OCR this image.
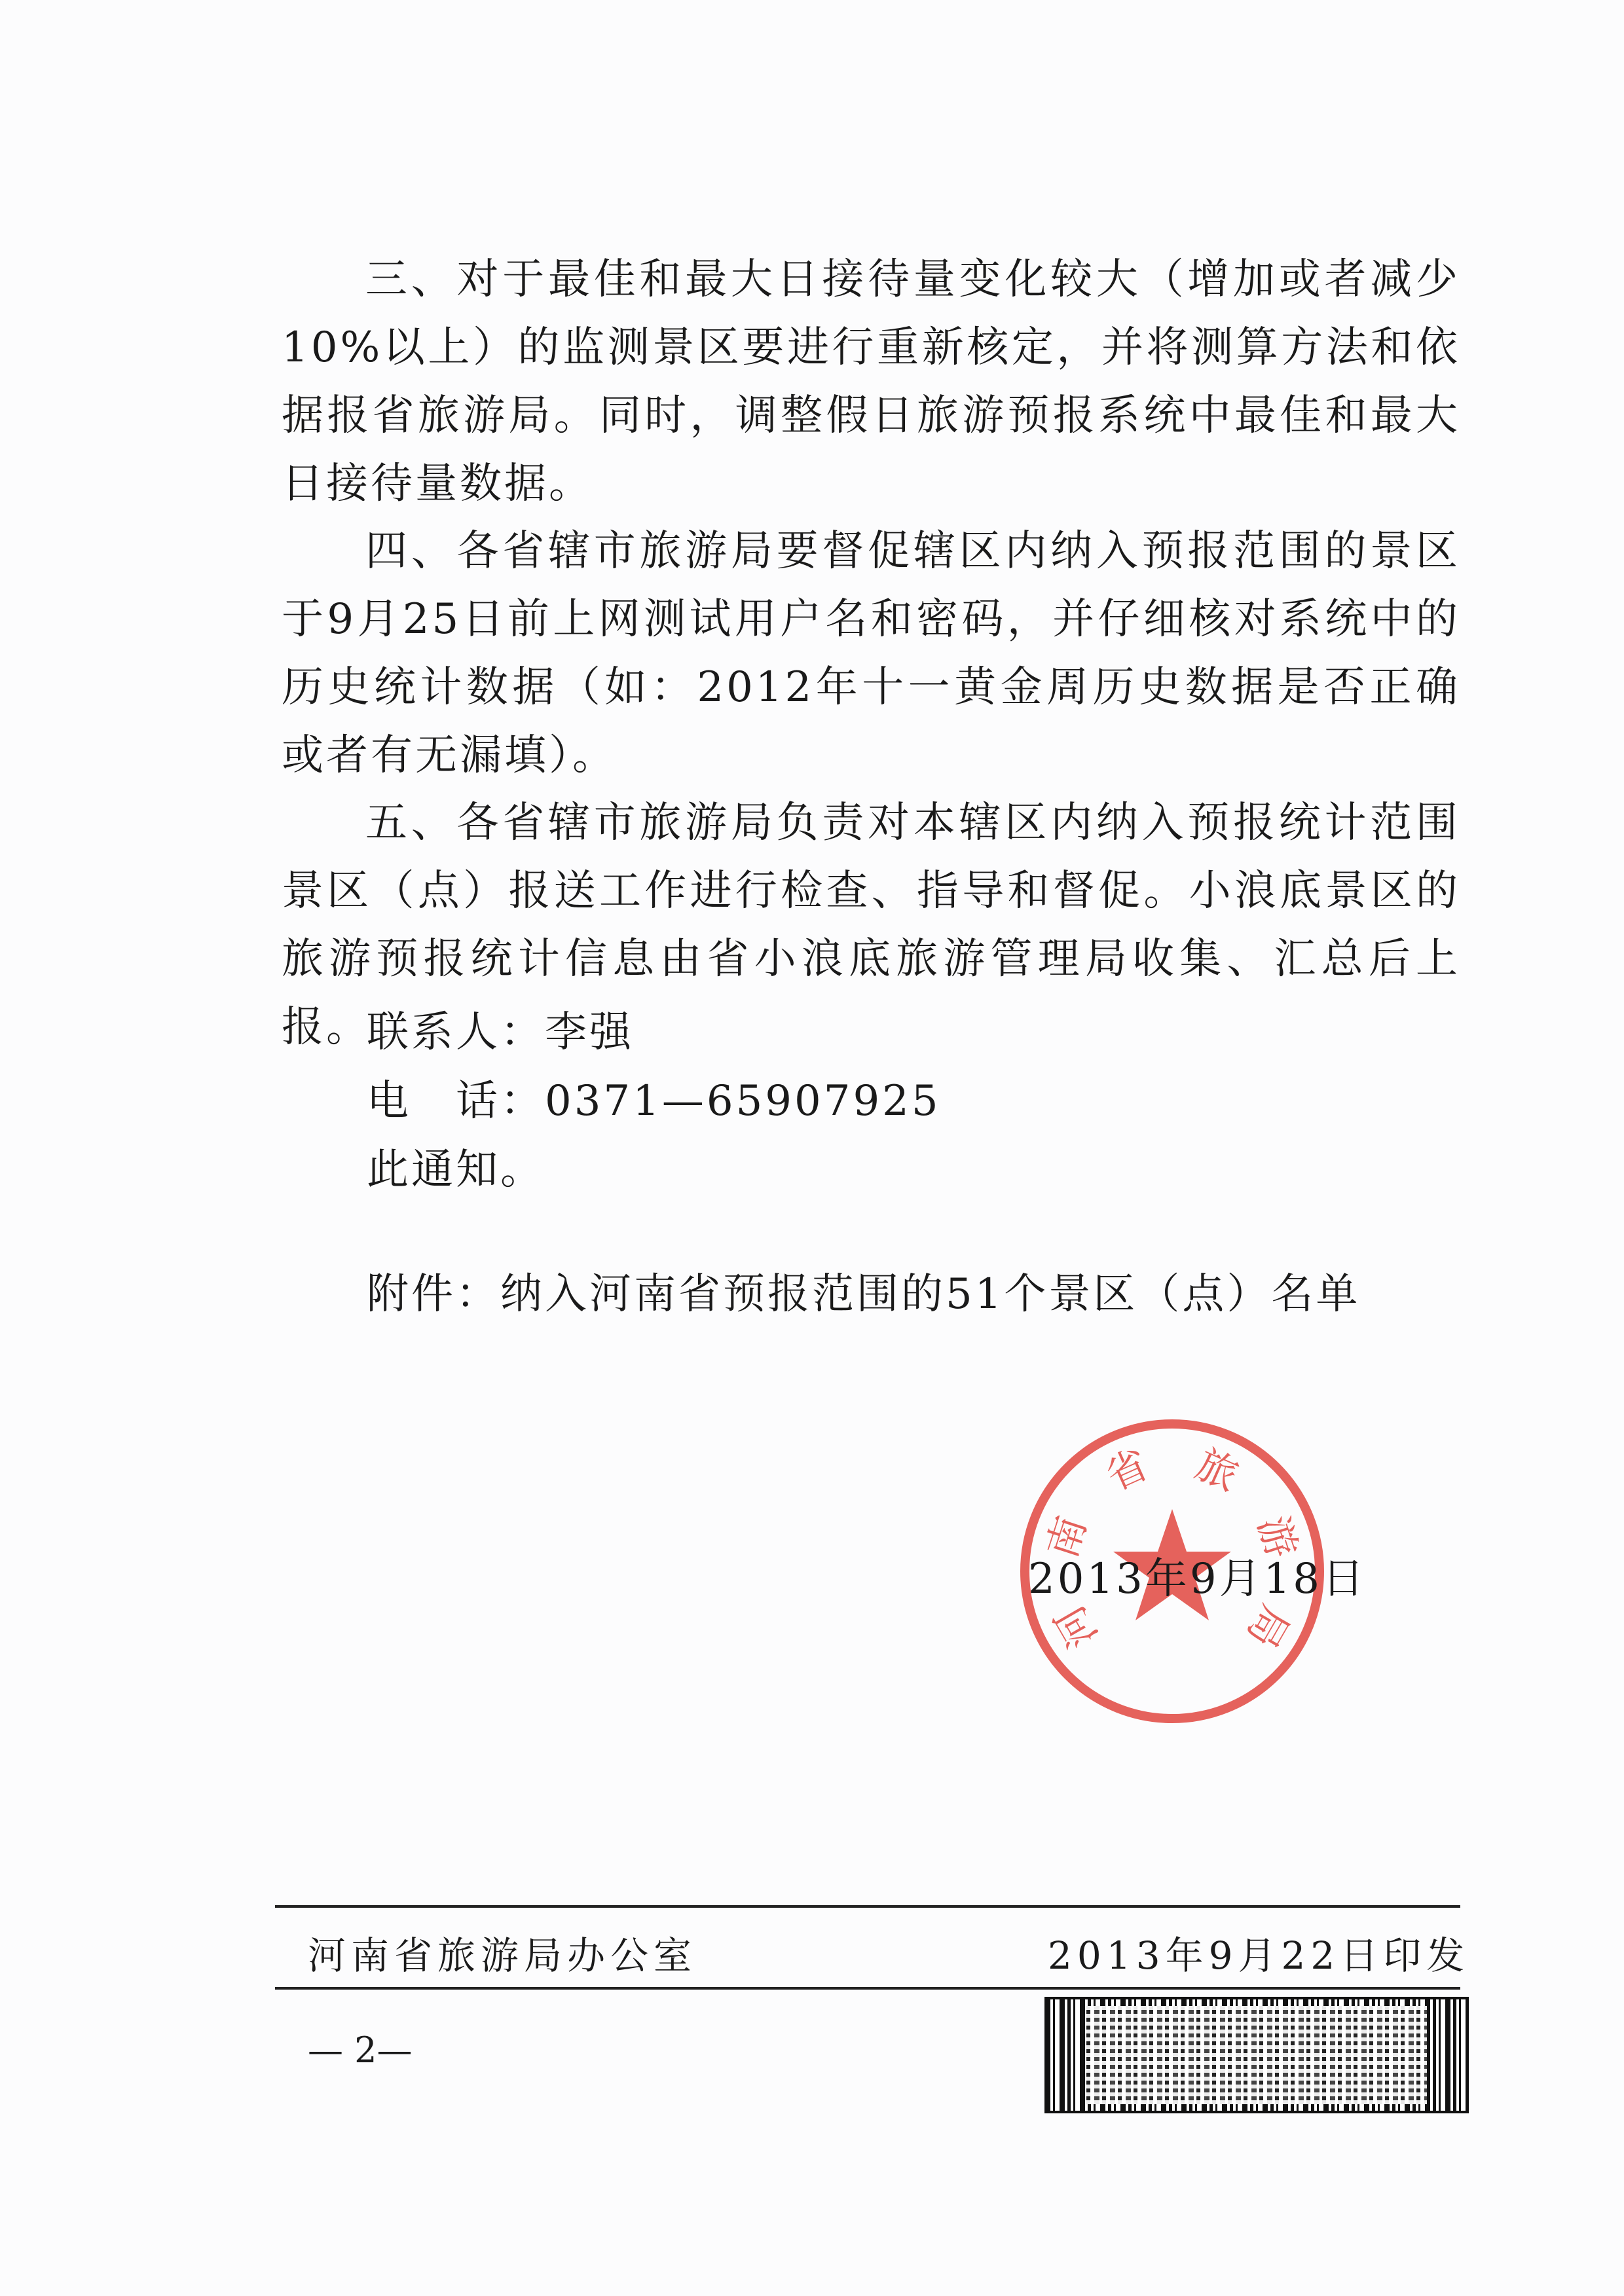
三、对于最佳和最大日接待量变化较大（增加或者减少10%以上）的监测景区要进行重新核定，并将测算方法和依据报省旅游局。同时，调整假日旅游预报系统中最佳和最大日接待量数据。

四、各省辖市旅游局要督促辖区内纳入预报范围的景区于9月25日前上网测试用户名和密码，并仔细核对系统中的历史统计数据（如：2012年十一黄金周历史数据是否正确或者有无漏填）。

五、各省辖市旅游局负责对本辖区内纳入预报统计范围景区（点）报送工作进行检查、指导和督促。小浪底景区的旅游预报统计信息由省小浪底旅游管理局收集、汇总后上报。

联系人：李强
电　话：0371—65907925
此通知。
附件：纳入河南省预报范围的51个景区（点）名单
河
南
省 旅
游
局
2013年9月18日
河南省旅游局办公室	2013年9月22日印发
— 2—
